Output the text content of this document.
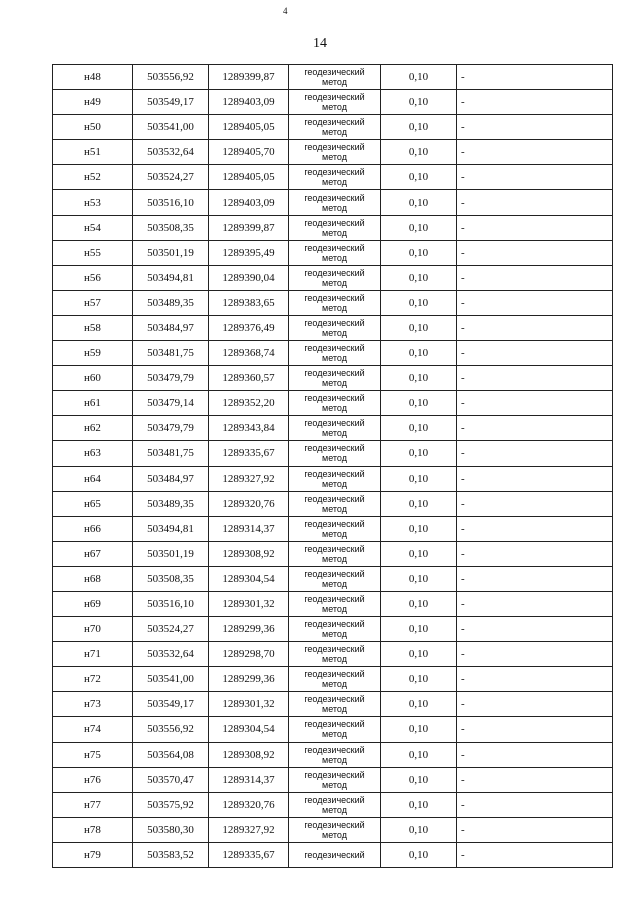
4
14
н48	503556,92	1289399,87	геодезический метод	0,10	-
н49	503549,17	1289403,09	геодезический метод	0,10	-
н50	503541,00	1289405,05	геодезический метод	0,10	-
н51	503532,64	1289405,70	геодезический метод	0,10	-
н52	503524,27	1289405,05	геодезический метод	0,10	-
н53	503516,10	1289403,09	геодезический метод	0,10	-
н54	503508,35	1289399,87	геодезический метод	0,10	-
н55	503501,19	1289395,49	геодезический метод	0,10	-
н56	503494,81	1289390,04	геодезический метод	0,10	-
н57	503489,35	1289383,65	геодезический метод	0,10	-
н58	503484,97	1289376,49	геодезический метод	0,10	-
н59	503481,75	1289368,74	геодезический метод	0,10	-
н60	503479,79	1289360,57	геодезический метод	0,10	-
н61	503479,14	1289352,20	геодезический метод	0,10	-
н62	503479,79	1289343,84	геодезический метод	0,10	-
н63	503481,75	1289335,67	геодезический метод	0,10	-
н64	503484,97	1289327,92	геодезический метод	0,10	-
н65	503489,35	1289320,76	геодезический метод	0,10	-
н66	503494,81	1289314,37	геодезический метод	0,10	-
н67	503501,19	1289308,92	геодезический метод	0,10	-
н68	503508,35	1289304,54	геодезический метод	0,10	-
н69	503516,10	1289301,32	геодезический метод	0,10	-
н70	503524,27	1289299,36	геодезический метод	0,10	-
н71	503532,64	1289298,70	геодезический метод	0,10	-
н72	503541,00	1289299,36	геодезический метод	0,10	-
н73	503549,17	1289301,32	геодезический метод	0,10	-
н74	503556,92	1289304,54	геодезический метод	0,10	-
н75	503564,08	1289308,92	геодезический метод	0,10	-
н76	503570,47	1289314,37	геодезический метод	0,10	-
н77	503575,92	1289320,76	геодезический метод	0,10	-
н78	503580,30	1289327,92	геодезический метод	0,10	-
н79	503583,52	1289335,67	геодезический	0,10	-
